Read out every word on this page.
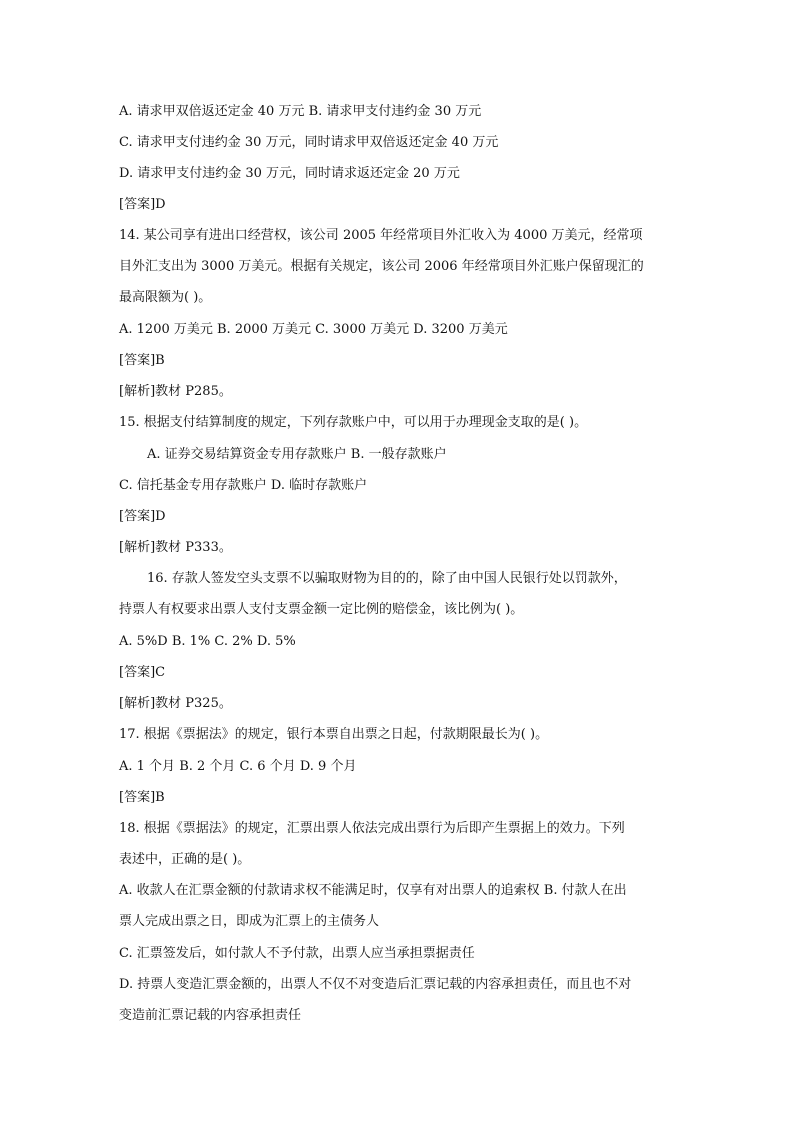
A. 请求甲双倍返还定金 40 万元 B. 请求甲支付违约金 30 万元
C. 请求甲支付违约金 30 万元，同时请求甲双倍返还定金 40 万元
D. 请求甲支付违约金 30 万元，同时请求返还定金 20 万元
[答案]D
14. 某公司享有进出口经营权，该公司 2005 年经常项目外汇收入为 4000 万美元，经常项
目外汇支出为 3000 万美元。根据有关规定，该公司 2006 年经常项目外汇账户保留现汇的
最高限额为( )。
A. 1200 万美元 B. 2000 万美元 C. 3000 万美元 D. 3200 万美元
[答案]B
[解析]教材 P285。
15. 根据支付结算制度的规定，下列存款账户中，可以用于办理现金支取的是( )。
A. 证券交易结算资金专用存款账户 B. 一般存款账户
C. 信托基金专用存款账户 D. 临时存款账户
[答案]D
[解析]教材 P333。
16. 存款人签发空头支票不以骗取财物为目的的，除了由中国人民银行处以罚款外，
持票人有权要求出票人支付支票金额一定比例的赔偿金，该比例为( )。
A. 5%D B. 1% C. 2% D. 5%
[答案]C
[解析]教材 P325。
17. 根据《票据法》的规定，银行本票自出票之日起，付款期限最长为( )。
A. 1 个月 B. 2 个月 C. 6 个月 D. 9 个月
[答案]B
18. 根据《票据法》的规定，汇票出票人依法完成出票行为后即产生票据上的效力。下列
表述中，正确的是( )。
A. 收款人在汇票金额的付款请求权不能满足时，仅享有对出票人的追索权 B. 付款人在出
票人完成出票之日，即成为汇票上的主债务人
C. 汇票签发后，如付款人不予付款，出票人应当承担票据责任
D. 持票人变造汇票金额的，出票人不仅不对变造后汇票记载的内容承担责任，而且也不对
变造前汇票记载的内容承担责任
